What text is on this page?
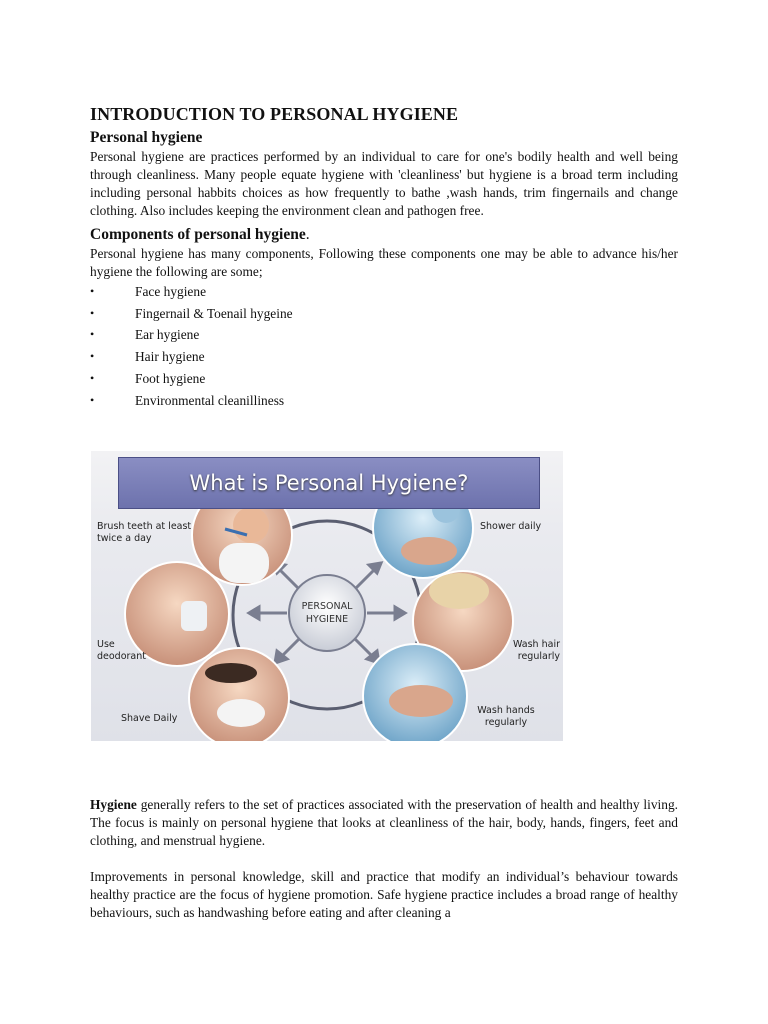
INTRODUCTION TO PERSONAL HYGIENE
Personal hygiene

Personal hygiene are practices performed by an individual to care for one's bodily health and well being through cleanliness. Many people equate hygiene with 'cleanliness' but hygiene is a broad term including including personal habbits choices as how frequently to bathe ,wash hands, trim fingernails and change clothing. Also includes keeping the environment clean and pathogen free.

Components of personal hygiene.

Personal hygiene has many components, Following these components one may be able to advance his/her hygiene the following are some;

• Face hygiene
• Fingernail & Toenail hygeine
• Ear hygiene
• Hair hygiene
• Foot hygiene
• Environmental cleanilliness
PERSONAL
HYGIENE
What is Personal Hygiene?
Brush teeth at least twice a day
Shower daily
Use deodorant
Wash hair regularly
Shave Daily
Wash hands regularly

Hygiene generally refers to the set of practices associated with the preservation of health and healthy living. The focus is mainly on personal hygiene that looks at cleanliness of the hair, body, hands, fingers, feet and clothing, and menstrual hygiene.

Improvements in personal knowledge, skill and practice that modify an individual’s behaviour towards healthy practice are the focus of hygiene promotion. Safe hygiene practice includes a broad range of healthy behaviours, such as handwashing before eating and after cleaning a
